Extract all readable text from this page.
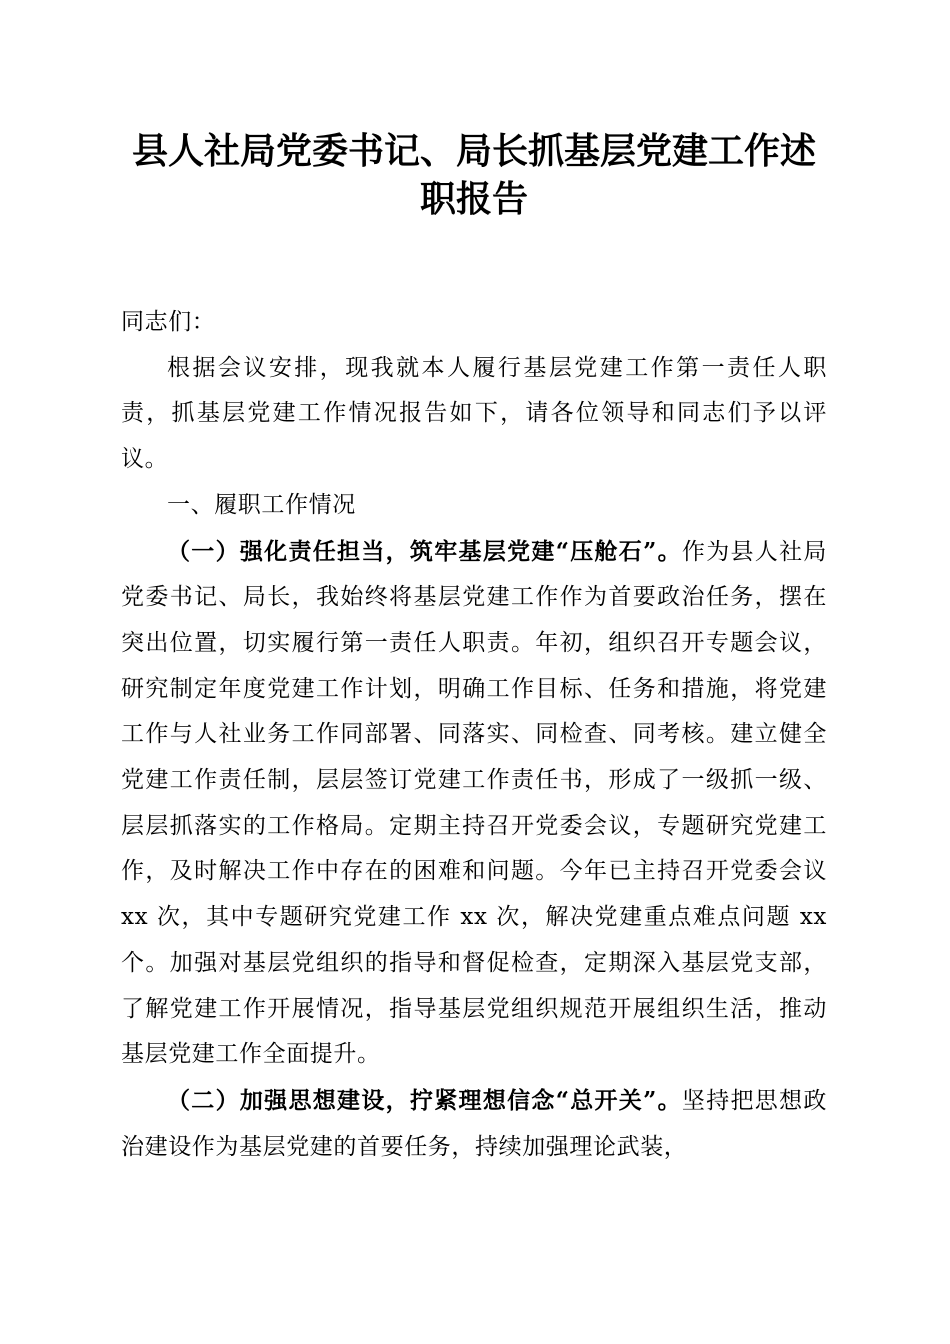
县人社局党委书记、局长抓基层党建工作述职报告

同志们：

根据会议安排，现我就本人履行基层党建工作第一责任人职责，抓基层党建工作情况报告如下，请各位领导和同志们予以评议。

一、履职工作情况

（一）强化责任担当，筑牢基层党建“压舱石”。作为县人社局党委书记、局长，我始终将基层党建工作作为首要政治任务，摆在突出位置，切实履行第一责任人职责。年初，组织召开专题会议，研究制定年度党建工作计划，明确工作目标、任务和措施，将党建工作与人社业务工作同部署、同落实、同检查、同考核。建立健全党建工作责任制，层层签订党建工作责任书，形成了一级抓一级、层层抓落实的工作格局。定期主持召开党委会议，专题研究党建工作，及时解决工作中存在的困难和问题。今年已主持召开党委会议 xx 次，其中专题研究党建工作 xx 次，解决党建重点难点问题 xx 个。加强对基层党组织的指导和督促检查，定期深入基层党支部，了解党建工作开展情况，指导基层党组织规范开展组织生活，推动基层党建工作全面提升。

（二）加强思想建设，拧紧理想信念“总开关”。坚持把思想政治建设作为基层党建的首要任务，持续加强理论武装，
